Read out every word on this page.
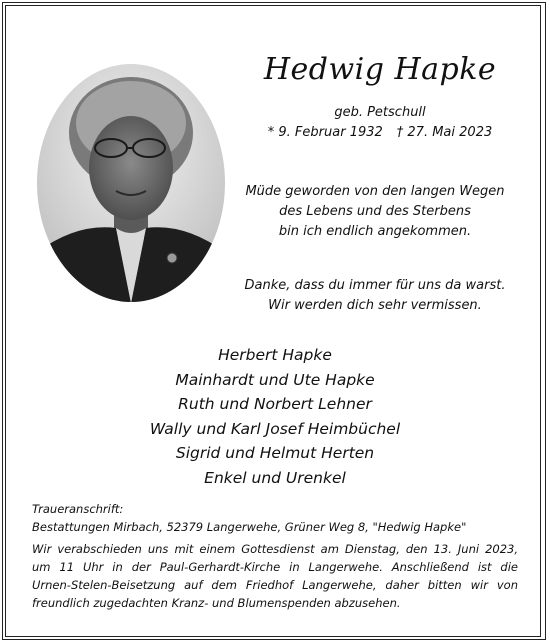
Hedwig Hapke
geb. Petschull
* 9. Februar 1932 † 27. Mai 2023
Müde geworden von den langen Wegen
des Lebens und des Sterbens
bin ich endlich angekommen.
Danke, dass du immer für uns da warst.
Wir werden dich sehr vermissen.
Herbert Hapke
Mainhardt und Ute Hapke
Ruth und Norbert Lehner
Wally und Karl Josef Heimbüchel
Sigrid und Helmut Herten
Enkel und Urenkel
Traueranschrift:
Bestattungen Mirbach, 52379 Langerwehe, Grüner Weg 8, "Hedwig Hapke"
Wir verabschieden uns mit einem Gottesdienst am Dienstag, den 13. Juni 2023,
um 11 Uhr in der Paul-Gerhardt-Kirche in Langerwehe. Anschließend ist die
Urnen-Stelen-Beisetzung auf dem Friedhof Langerwehe, daher bitten wir von
freundlich zugedachten Kranz- und Blumenspenden abzusehen.
